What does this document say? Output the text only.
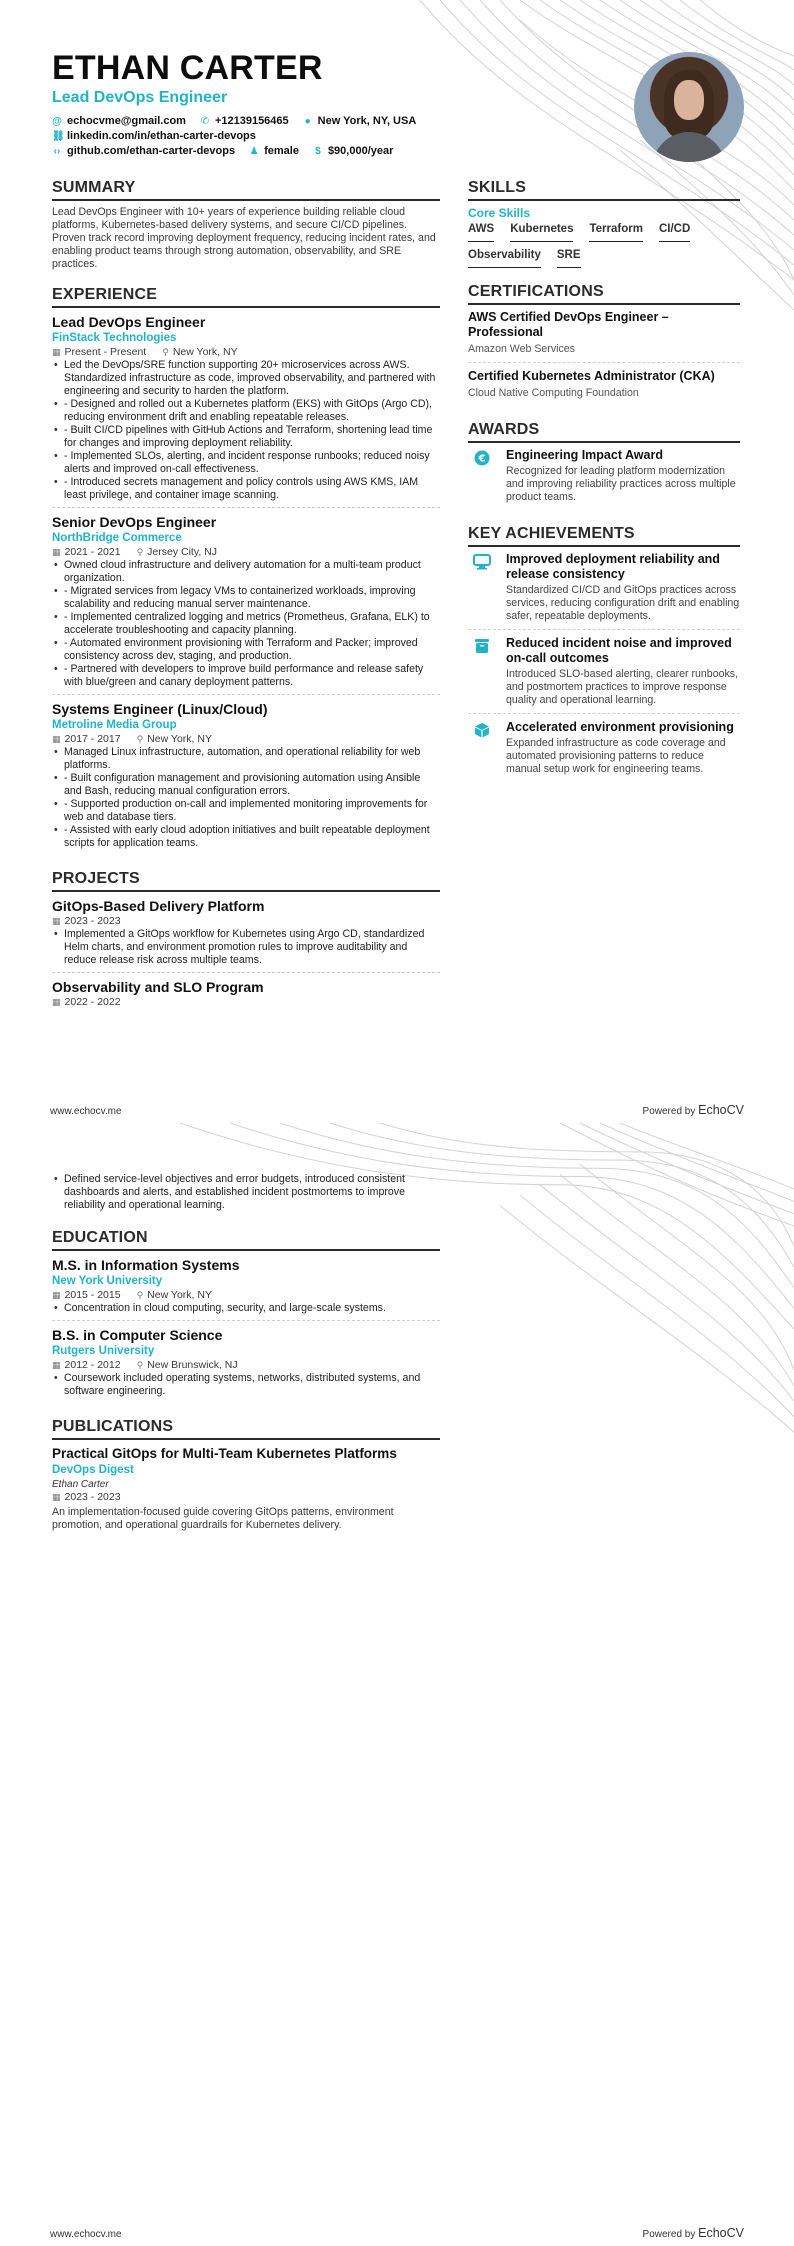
ETHAN CARTER
Lead DevOps Engineer
@ echocvme@gmail.com ✆ +12139156465 ● New York, NY, USA
⛓ linkedin.com/in/ethan-carter-devops
‹› github.com/ethan-carter-devops ♟ female $ $90,000/year
SUMMARY
Lead DevOps Engineer with 10+ years of experience building reliable cloud platforms, Kubernetes-based delivery systems, and secure CI/CD pipelines. Proven track record improving deployment frequency, reducing incident rates, and enabling product teams through strong automation, observability, and SRE practices.
EXPERIENCE
Lead DevOps Engineer
FinStack Technologies
▦ Present - Present ⚲ New York, NY
• Led the DevOps/SRE function supporting 20+ microservices across AWS. Standardized infrastructure as code, improved observability, and partnered with engineering and security to harden the platform.
• - Designed and rolled out a Kubernetes platform (EKS) with GitOps (Argo CD), reducing environment drift and enabling repeatable releases.
• - Built CI/CD pipelines with GitHub Actions and Terraform, shortening lead time for changes and improving deployment reliability.
• - Implemented SLOs, alerting, and incident response runbooks; reduced noisy alerts and improved on-call effectiveness.
• - Introduced secrets management and policy controls using AWS KMS, IAM least privilege, and container image scanning.
Senior DevOps Engineer
NorthBridge Commerce
▦ 2021 - 2021 ⚲ Jersey City, NJ
• Owned cloud infrastructure and delivery automation for a multi-team product organization.
• - Migrated services from legacy VMs to containerized workloads, improving scalability and reducing manual server maintenance.
• - Implemented centralized logging and metrics (Prometheus, Grafana, ELK) to accelerate troubleshooting and capacity planning.
• - Automated environment provisioning with Terraform and Packer; improved consistency across dev, staging, and production.
• - Partnered with developers to improve build performance and release safety with blue/green and canary deployment patterns.
Systems Engineer (Linux/Cloud)
Metroline Media Group
▦ 2017 - 2017 ⚲ New York, NY
• Managed Linux infrastructure, automation, and operational reliability for web platforms.
• - Built configuration management and provisioning automation using Ansible and Bash, reducing manual configuration errors.
• - Supported production on-call and implemented monitoring improvements for web and database tiers.
• - Assisted with early cloud adoption initiatives and built repeatable deployment scripts for application teams.
PROJECTS
GitOps-Based Delivery Platform
▦ 2023 - 2023
• Implemented a GitOps workflow for Kubernetes using Argo CD, standardized Helm charts, and environment promotion rules to improve auditability and reduce release risk across multiple teams.
Observability and SLO Program
▦ 2022 - 2022
SKILLS
Core Skills
AWS Kubernetes Terraform CI/CD
Observability SRE
CERTIFICATIONS
AWS Certified DevOps Engineer – Professional
Amazon Web Services
Certified Kubernetes Administrator (CKA)
Cloud Native Computing Foundation
AWARDS
€ Engineering Impact Award
Recognized for leading platform modernization and improving reliability practices across multiple product teams.
KEY ACHIEVEMENTS
Improved deployment reliability and release consistency
Standardized CI/CD and GitOps practices across services, reducing configuration drift and enabling safer, repeatable deployments.
Reduced incident noise and improved on-call outcomes
Introduced SLO-based alerting, clearer runbooks, and postmortem practices to improve response quality and operational learning.
Accelerated environment provisioning
Expanded infrastructure as code coverage and automated provisioning patterns to reduce manual setup work for engineering teams.
www.echocv.me	Powered by EchoCV
• Defined service-level objectives and error budgets, introduced consistent dashboards and alerts, and established incident postmortems to improve reliability and operational learning.
EDUCATION
M.S. in Information Systems
New York University
▦ 2015 - 2015 ⚲ New York, NY
• Concentration in cloud computing, security, and large-scale systems.
B.S. in Computer Science
Rutgers University
▦ 2012 - 2012 ⚲ New Brunswick, NJ
• Coursework included operating systems, networks, distributed systems, and software engineering.
PUBLICATIONS
Practical GitOps for Multi-Team Kubernetes Platforms
DevOps Digest
Ethan Carter
▦ 2023 - 2023
An implementation-focused guide covering GitOps patterns, environment promotion, and operational guardrails for Kubernetes delivery.
www.echocv.me	Powered by EchoCV
